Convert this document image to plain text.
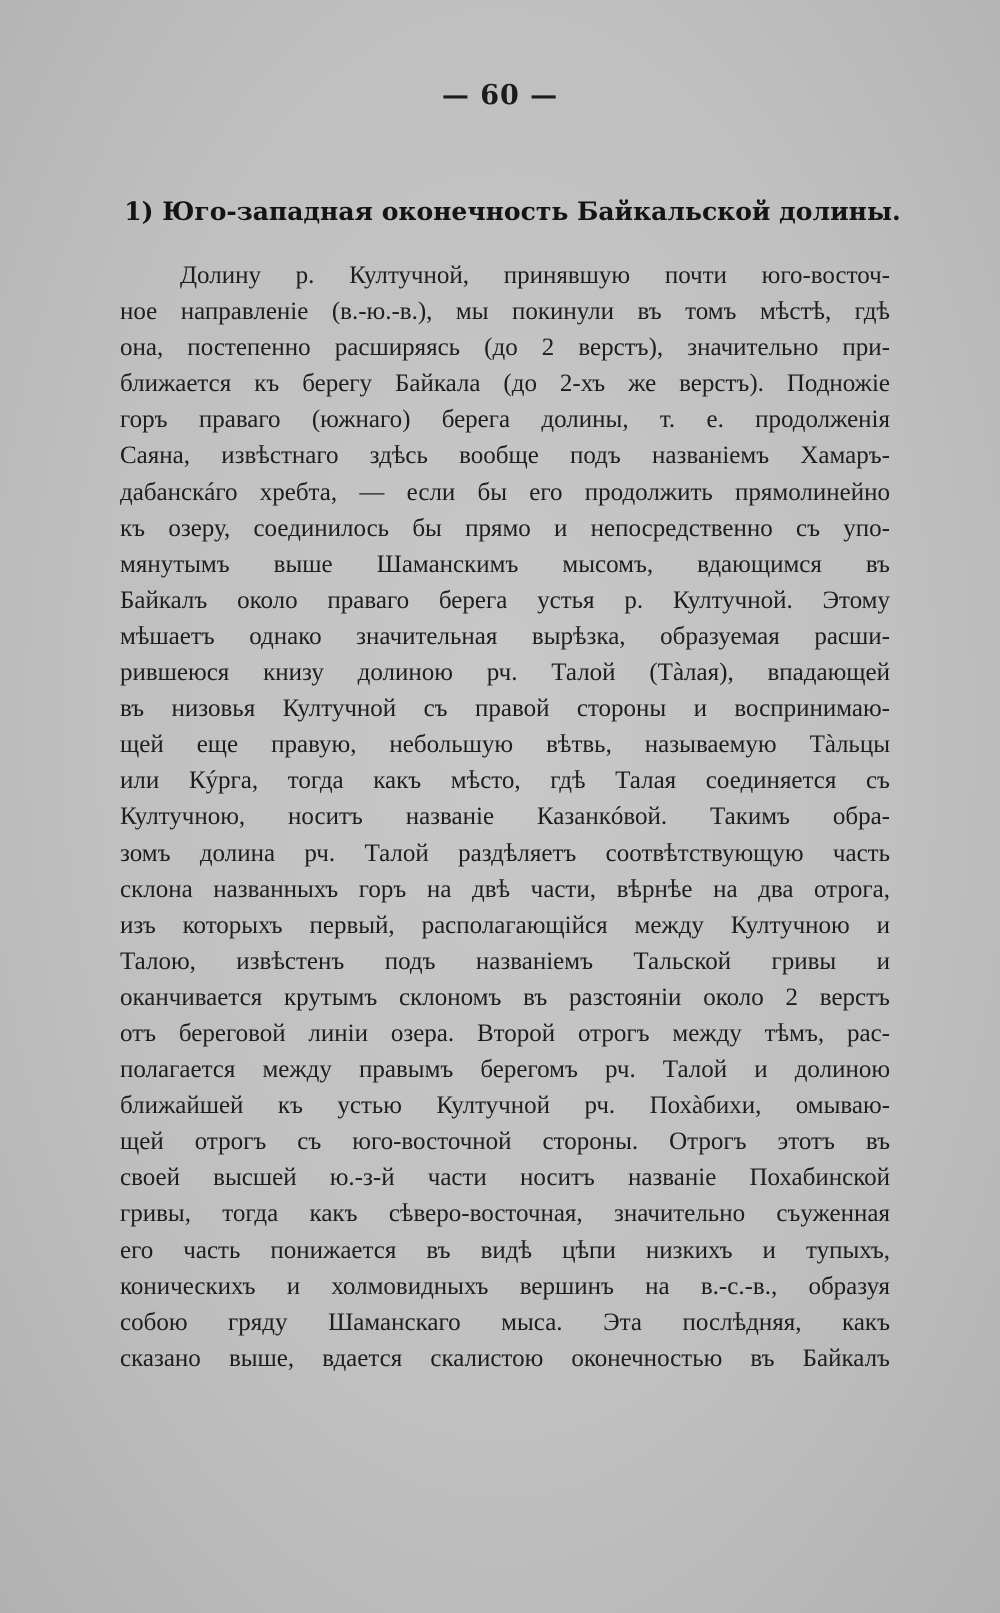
— 60 —
1) Юго-западная оконечность Байкальской долины.
Долину р. Култучной, принявшую почти юго-восточ-
ное направленіе (в.-ю.-в.), мы покинули въ томъ мѣстѣ, гдѣ
она, постепенно расширяясь (до 2 верстъ), значительно при-
ближается къ берегу Байкала (до 2-хъ же верстъ). Подножіе
горъ праваго (южнаго) берега долины, т. е. продолженія
Саяна, извѣстнаго здѣсь вообще подъ названіемъ Хамаръ-
дабанскáго хребта, — если бы его продолжить прямолинейно
къ озеру, соединилось бы прямо и непосредственно съ упо-
мянутымъ выше Шаманскимъ мысомъ, вдающимся въ
Байкалъ около праваго берега устья р. Култучной. Этому
мѣшаетъ однако значительная вырѣзка, образуемая расши-
рившеюся книзу долиною рч. Талой (Тàлая), впадающей
въ низовья Култучной съ правой стороны и воспринимаю-
щей еще правую, небольшую вѣтвь, называемую Тàльцы
или Кýрга, тогда какъ мѣсто, гдѣ Талая соединяется съ
Култучною, носитъ названіе Казанкóвой. Такимъ обра-
зомъ долина рч. Талой раздѣляетъ соотвѣтствующую часть
склона названныхъ горъ на двѣ части, вѣрнѣе на два отрога,
изъ которыхъ первый, располагающійся между Култучною и
Талою, извѣстенъ подъ названіемъ Тальской гривы и
оканчивается крутымъ склономъ въ разстояніи около 2 верстъ
отъ береговой линіи озера. Второй отрогъ между тѣмъ, рас-
полагается между правымъ берегомъ рч. Талой и долиною
ближайшей къ устью Култучной рч. Похàбихи, омываю-
щей отрогъ съ юго-восточной стороны. Отрогъ этотъ въ
своей высшей ю.-з-й части носитъ названіе Похабинской
гривы, тогда какъ сѣверо-восточная, значительно съуженная
его часть понижается въ видѣ цѣпи низкихъ и тупыхъ,
коническихъ и холмовидныхъ вершинъ на в.-с.-в., образуя
собою гряду Шаманскаго мыса. Эта послѣдняя, какъ
сказано выше, вдается скалистою оконечностью въ Байкалъ
